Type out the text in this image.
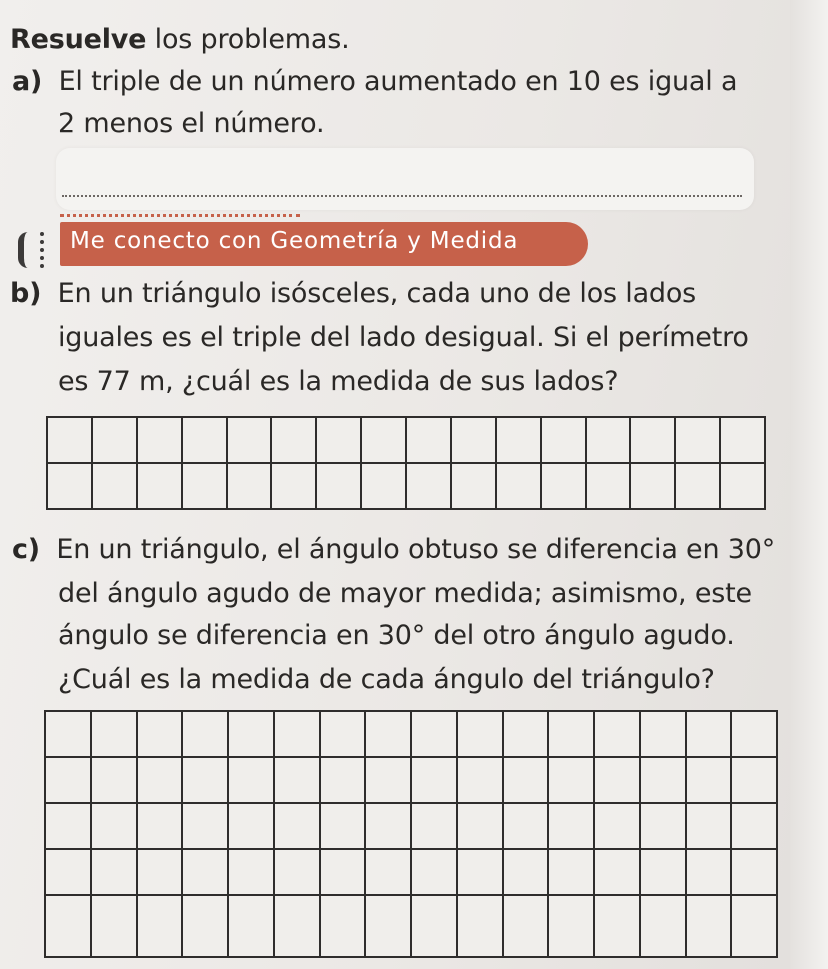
Resuelve los problemas.
a) El triple de un número aumentado en 10 es igual a
2 menos el número.
Me conecto con Geometría y Medida
b) En un triángulo isósceles, cada uno de los lados
iguales es el triple del lado desigual. Si el perímetro
es 77 m, ¿cuál es la medida de sus lados?
c) En un triángulo, el ángulo obtuso se diferencia en 30°
del ángulo agudo de mayor medida; asimismo, este
ángulo se diferencia en 30° del otro ángulo agudo.
¿Cuál es la medida de cada ángulo del triángulo?
